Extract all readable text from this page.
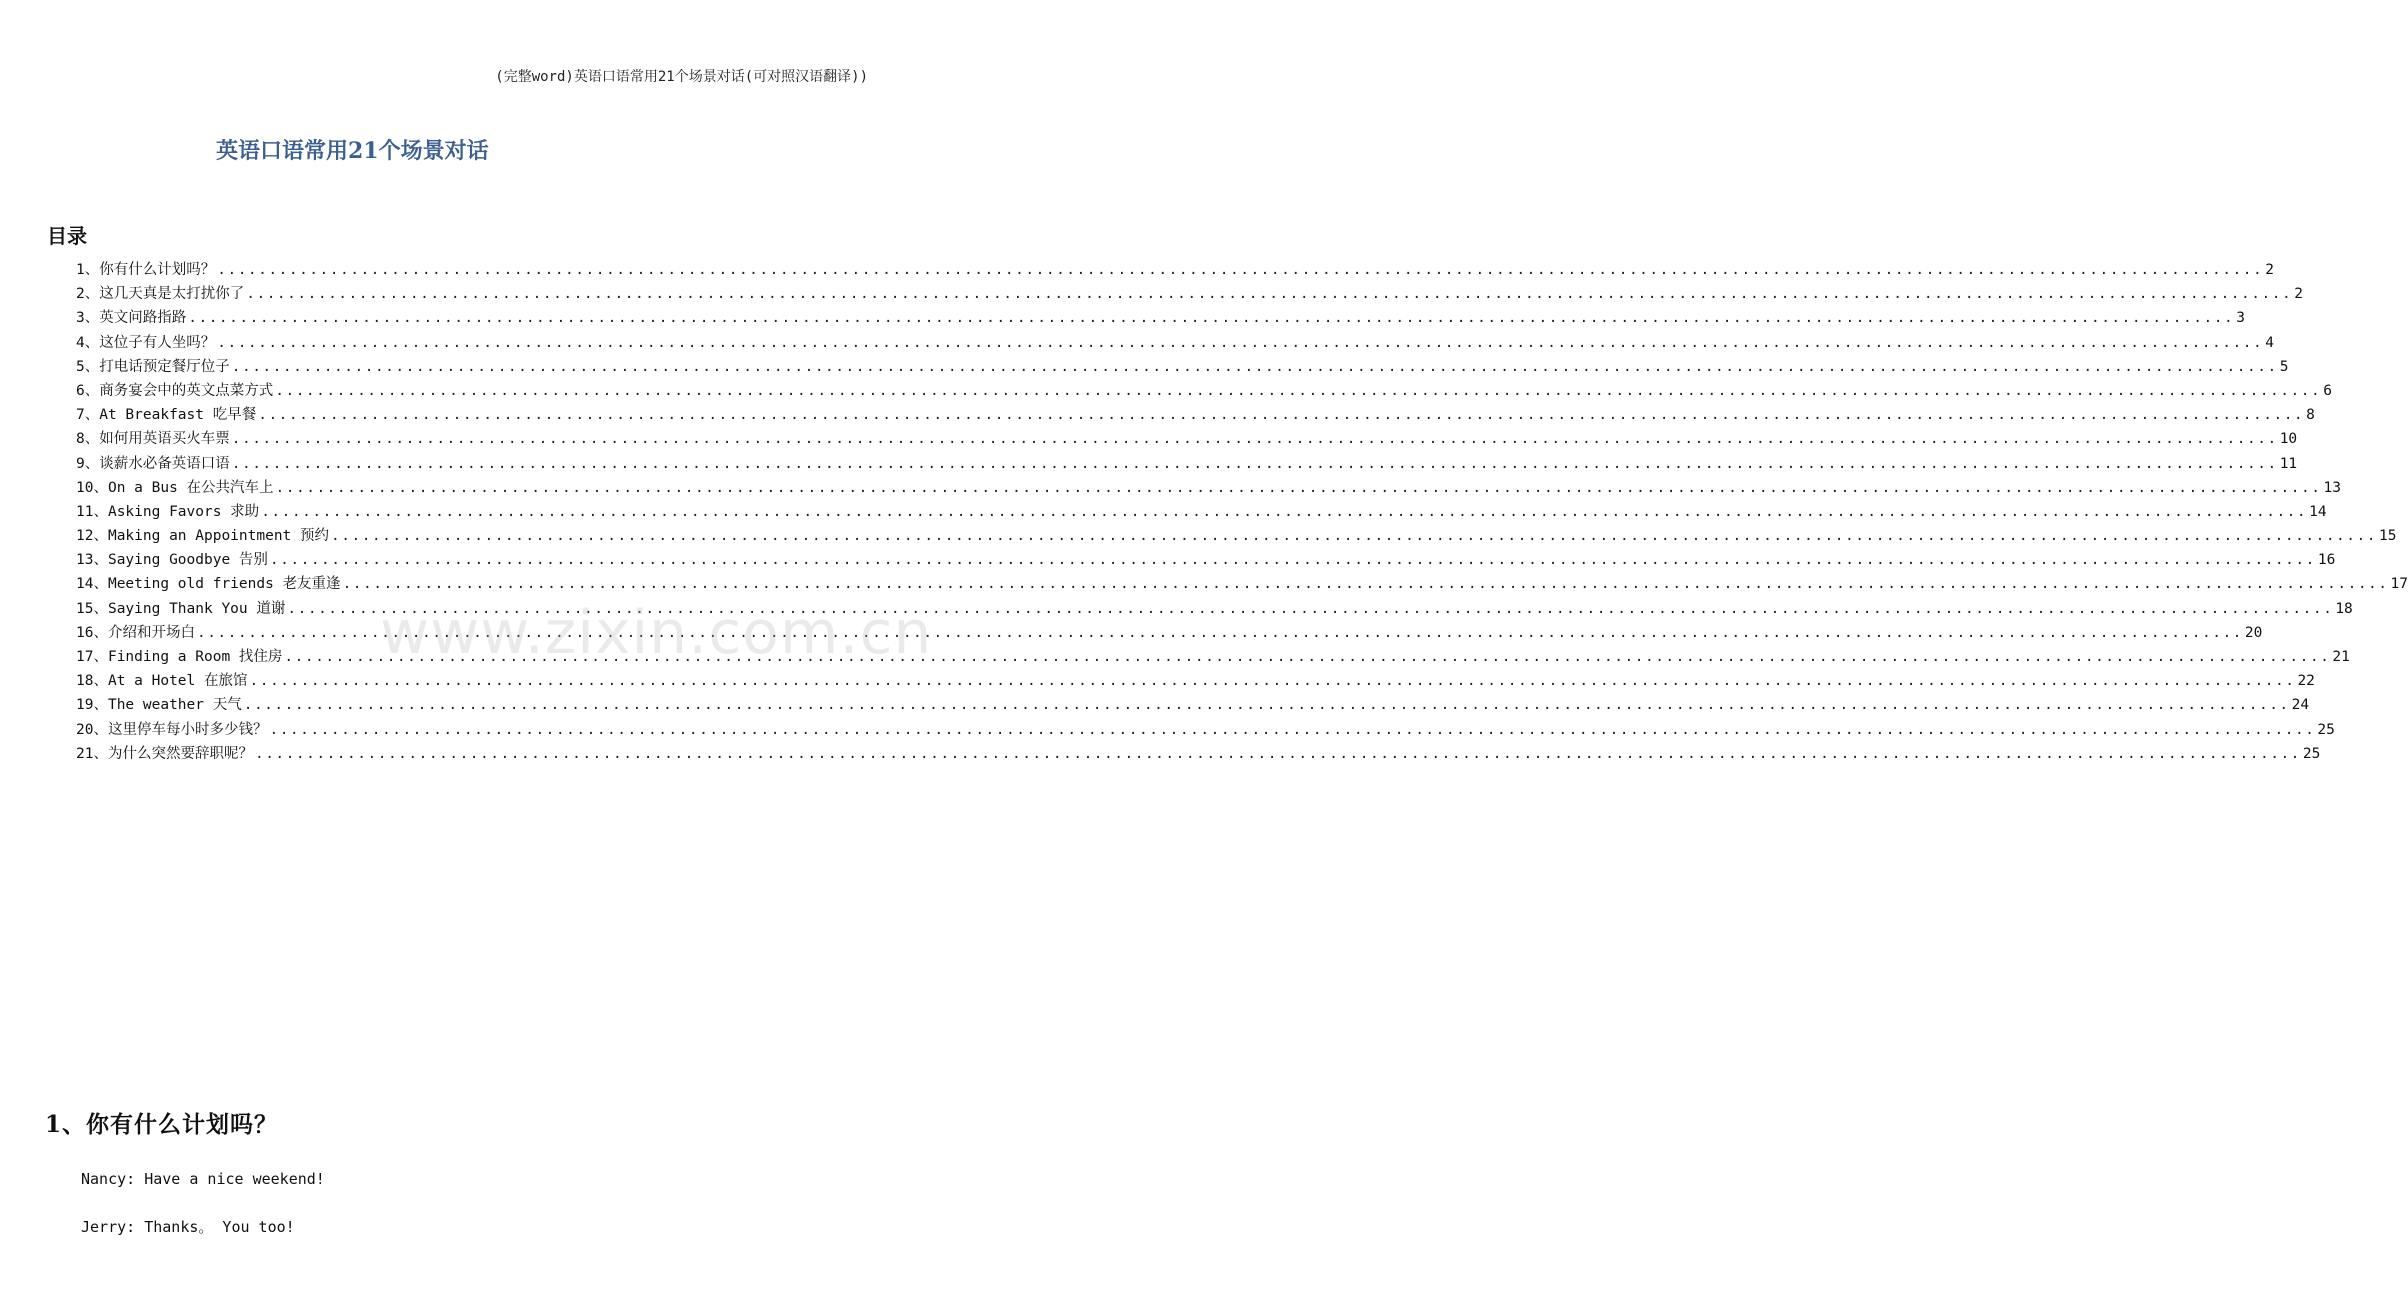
(完整word)英语口语常用21个场景对话(可对照汉语翻译))
英语口语常用21个场景对话
目录
1、你有什么计划吗？ ........................................................................................................................................................................................................ 2
2、这几天真是太打扰你了 ........................................................................................................................................................................................................ 2
3、英文问路指路 ........................................................................................................................................................................................................ 3
4、这位子有人坐吗？ ........................................................................................................................................................................................................ 4
5、打电话预定餐厅位子 ........................................................................................................................................................................................................ 5
6、商务宴会中的英文点菜方式 ........................................................................................................................................................................................................ 6
7、At Breakfast 吃早餐 ........................................................................................................................................................................................................ 8
8、如何用英语买火车票 ........................................................................................................................................................................................................ 10
9、谈薪水必备英语口语 ........................................................................................................................................................................................................ 11
10、On a Bus 在公共汽车上 ........................................................................................................................................................................................................ 13
11、Asking Favors 求助 ........................................................................................................................................................................................................ 14
12、Making an Appointment 预约 ........................................................................................................................................................................................................ 15
13、Saying Goodbye 告别 ........................................................................................................................................................................................................ 16
14、Meeting old friends 老友重逢 ........................................................................................................................................................................................................ 17
15、Saying Thank You 道谢 ........................................................................................................................................................................................................ 18
16、介绍和开场白 ........................................................................................................................................................................................................ 20
17、Finding a Room 找住房 ........................................................................................................................................................................................................ 21
18、At a Hotel 在旅馆 ........................................................................................................................................................................................................ 22
19、The weather 天气 ........................................................................................................................................................................................................ 24
20、这里停车每小时多少钱？ ........................................................................................................................................................................................................ 25
21、为什么突然要辞职呢？ ........................................................................................................................................................................................................ 25
www.zixin.com.cn
1、你有什么计划吗？
Nancy: Have a nice weekend!
Jerry: Thanks。 You too!
